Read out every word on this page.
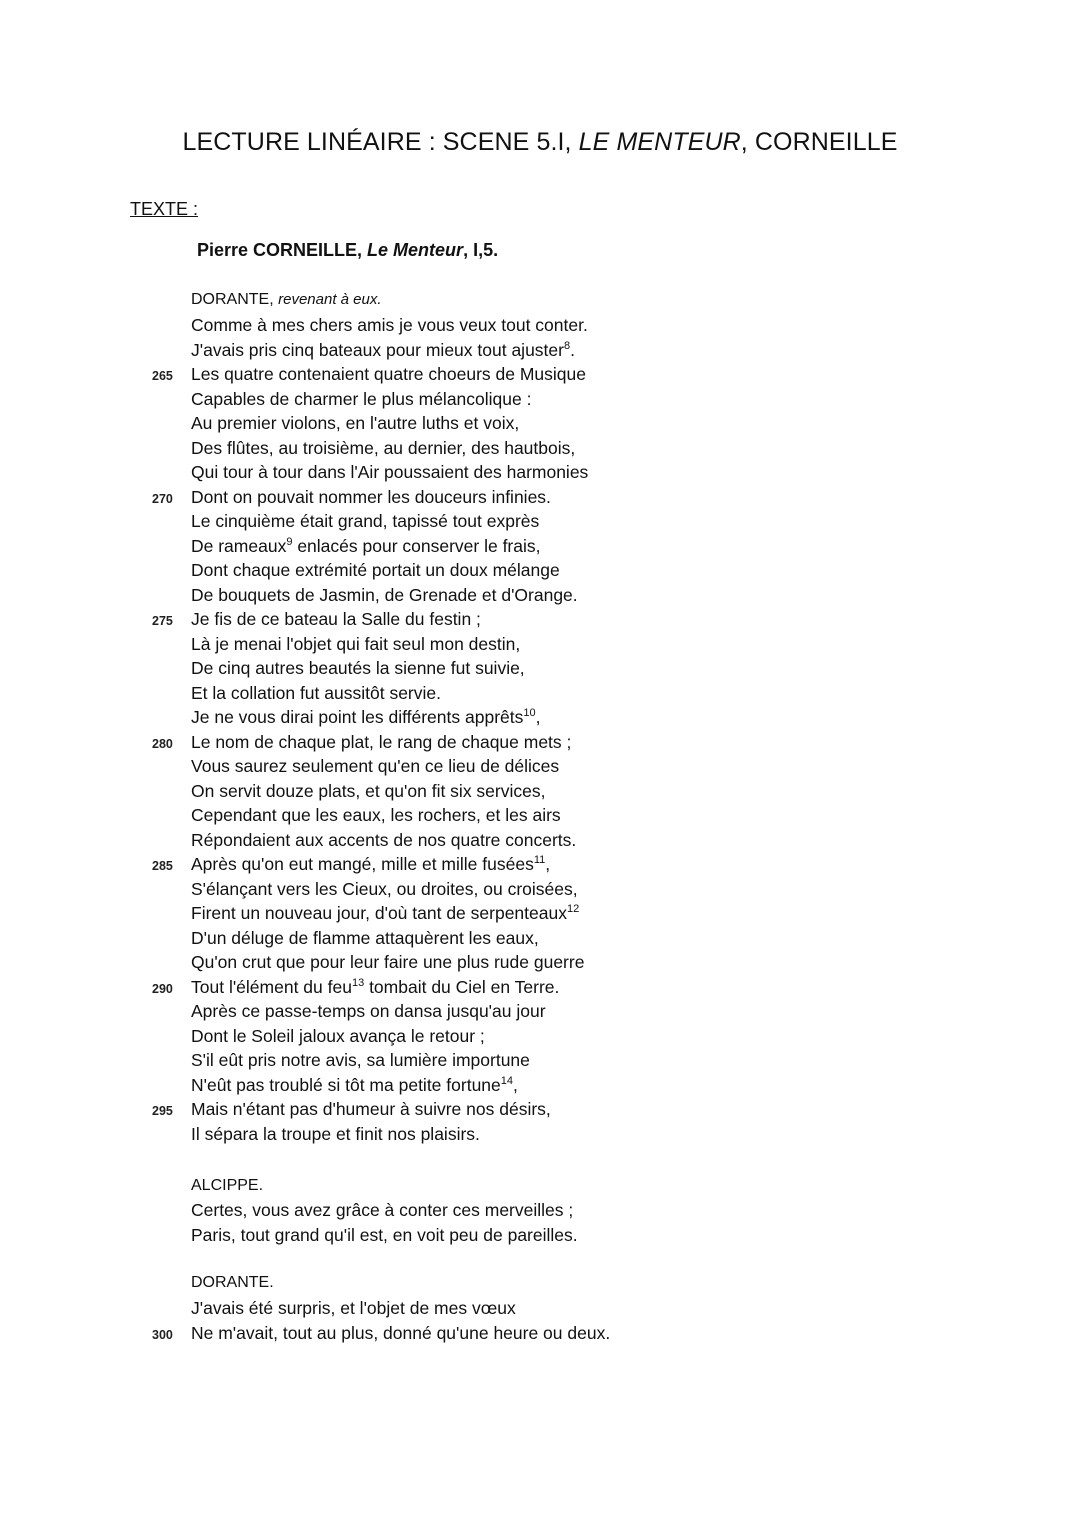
LECTURE LINÉAIRE : SCENE 5.I, LE MENTEUR, CORNEILLE
TEXTE :
Pierre CORNEILLE, Le Menteur, I,5.
DORANTE, revenant à eux.
Comme à mes chers amis je vous veux tout conter.
J'avais pris cinq bateaux pour mieux tout ajuster$^8$.
265 Les quatre contenaient quatre choeurs de Musique
Capables de charmer le plus mélancolique :
Au premier violons, en l'autre luths et voix,
Des flûtes, au troisième, au dernier, des hautbois,
Qui tour à tour dans l'Air poussaient des harmonies
270 Dont on pouvait nommer les douceurs infinies.
Le cinquième était grand, tapissé tout exprès
De rameaux$^9$ enlacés pour conserver le frais,
Dont chaque extrémité portait un doux mélange
De bouquets de Jasmin, de Grenade et d'Orange.
275 Je fis de ce bateau la Salle du festin ;
Là je menai l'objet qui fait seul mon destin,
De cinq autres beautés la sienne fut suivie,
Et la collation fut aussitôt servie.
Je ne vous dirai point les différents apprêts$^{10}$,
280 Le nom de chaque plat, le rang de chaque mets ;
Vous saurez seulement qu'en ce lieu de délices
On servit douze plats, et qu'on fit six services,
Cependant que les eaux, les rochers, et les airs
Répondaient aux accents de nos quatre concerts.
285 Après qu'on eut mangé, mille et mille fusées$^{11}$,
S'élançant vers les Cieux, ou droites, ou croisées,
Firent un nouveau jour, d'où tant de serpenteaux$^{12}$
D'un déluge de flamme attaquèrent les eaux,
Qu'on crut que pour leur faire une plus rude guerre
290 Tout l'élément du feu$^{13}$ tombait du Ciel en Terre.
Après ce passe-temps on dansa jusqu'au jour
Dont le Soleil jaloux avança le retour ;
S'il eût pris notre avis, sa lumière importune
N'eût pas troublé si tôt ma petite fortune$^{14}$,
295 Mais n'étant pas d'humeur à suivre nos désirs,
Il sépara la troupe et finit nos plaisirs.
ALCIPPE.
Certes, vous avez grâce à conter ces merveilles ;
Paris, tout grand qu'il est, en voit peu de pareilles.
DORANTE.
J'avais été surpris, et l'objet de mes vœux
300 Ne m'avait, tout au plus, donné qu'une heure ou deux.
